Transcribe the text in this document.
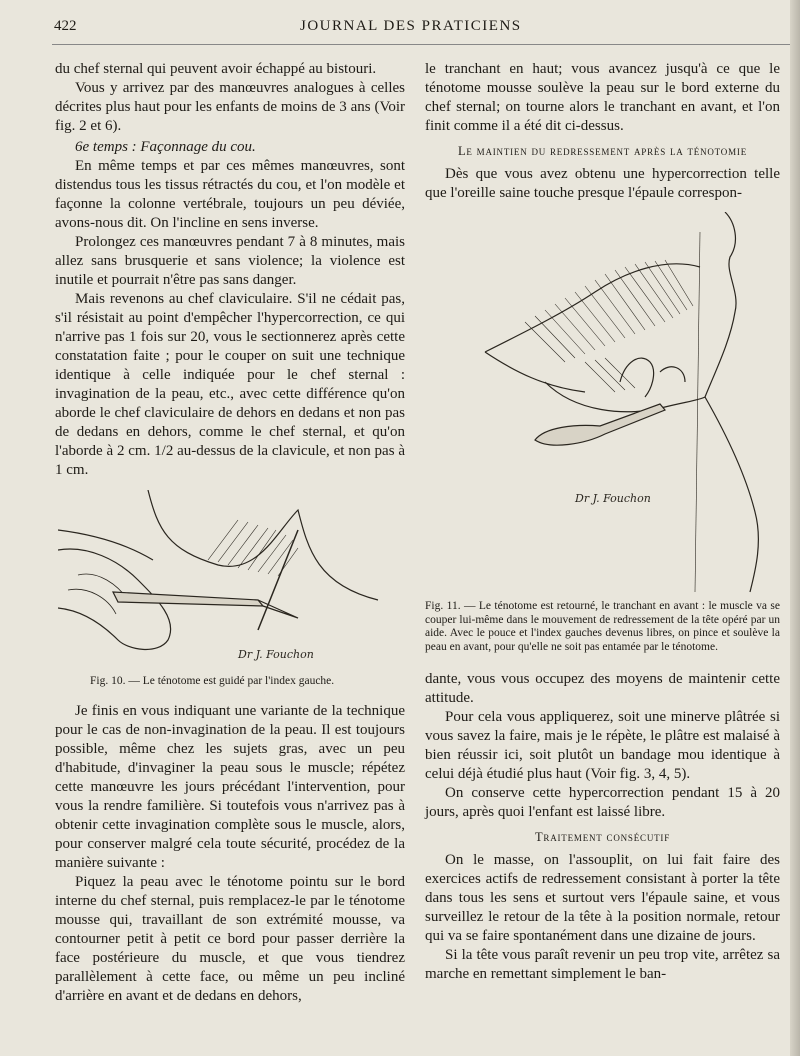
422	JOURNAL DES PRATICIENS

du chef sternal qui peuvent avoir échappé au bistouri.

Vous y arrivez par des manœuvres analogues à celles décrites plus haut pour les enfants de moins de 3 ans (Voir fig. 2 et 6).

6e temps : Façonnage du cou.

En même temps et par ces mêmes manœuvres, sont distendus tous les tissus rétractés du cou, et l'on modèle et façonne la colonne vertébrale, toujours un peu déviée, avons-nous dit. On l'incline en sens inverse.

Prolongez ces manœuvres pendant 7 à 8 minutes, mais allez sans brusquerie et sans violence; la violence est inutile et pourrait n'être pas sans danger.

Mais revenons au chef claviculaire. S'il ne cédait pas, s'il résistait au point d'empêcher l'hypercorrection, ce qui n'arrive pas 1 fois sur 20, vous le sectionnerez après cette constatation faite ; pour le couper on suit une technique identique à celle indiquée pour le chef sternal : invagination de la peau, etc., avec cette différence qu'on aborde le chef claviculaire de dehors en dedans et non pas de dedans en dehors, comme le chef sternal, et qu'on l'aborde à 2 cm. 1/2 au-dessus de la clavicule, et non pas à 1 cm.

Dr J. Fouchon
Fig. 10. — Le ténotome est guidé par l'index gauche.

Je finis en vous indiquant une variante de la technique pour le cas de non-invagination de la peau. Il est toujours possible, même chez les sujets gras, avec un peu d'habitude, d'invaginer la peau sous le muscle; répétez cette manœuvre les jours précédant l'intervention, pour vous la rendre familière. Si toutefois vous n'arrivez pas à obtenir cette invagination complète sous le muscle, alors, pour conserver malgré cela toute sécurité, procédez de la manière suivante :

Piquez la peau avec le ténotome pointu sur le bord interne du chef sternal, puis remplacez-le par le ténotome mousse qui, travaillant de son extrémité mousse, va contourner petit à petit ce bord pour passer derrière la face postérieure du muscle, et que vous tiendrez parallèlement à cette face, ou même un peu incliné d'arrière en avant et de dedans en dehors,

le tranchant en haut; vous avancez jusqu'à ce que le ténotome mousse soulève la peau sur le bord externe du chef sternal; on tourne alors le tranchant en avant, et l'on finit comme il a été dit ci-dessus.

Le maintien du redressement après la ténotomie

Dès que vous avez obtenu une hypercorrection telle que l'oreille saine touche presque l'épaule correspon-

Dr J. Fouchon
Fig. 11. — Le ténotome est retourné, le tranchant en avant : le muscle va se couper lui-même dans le mouvement de redressement de la tête opéré par un aide. Avec le pouce et l'index gauches devenus libres, on pince et soulève la peau en avant, pour qu'elle ne soit pas entamée par le ténotome.

dante, vous vous occupez des moyens de maintenir cette attitude.

Pour cela vous appliquerez, soit une minerve plâtrée si vous savez la faire, mais je le répète, le plâtre est malaisé à bien réussir ici, soit plutôt un bandage mou identique à celui déjà étudié plus haut (Voir fig. 3, 4, 5).

On conserve cette hypercorrection pendant 15 à 20 jours, après quoi l'enfant est laissé libre.

Traitement consécutif

On le masse, on l'assouplit, on lui fait faire des exercices actifs de redressement consistant à porter la tête dans tous les sens et surtout vers l'épaule saine, et vous surveillez le retour de la tête à la position normale, retour qui va se faire spontanément dans une dizaine de jours.

Si la tête vous paraît revenir un peu trop vite, arrêtez sa marche en remettant simplement le ban-
